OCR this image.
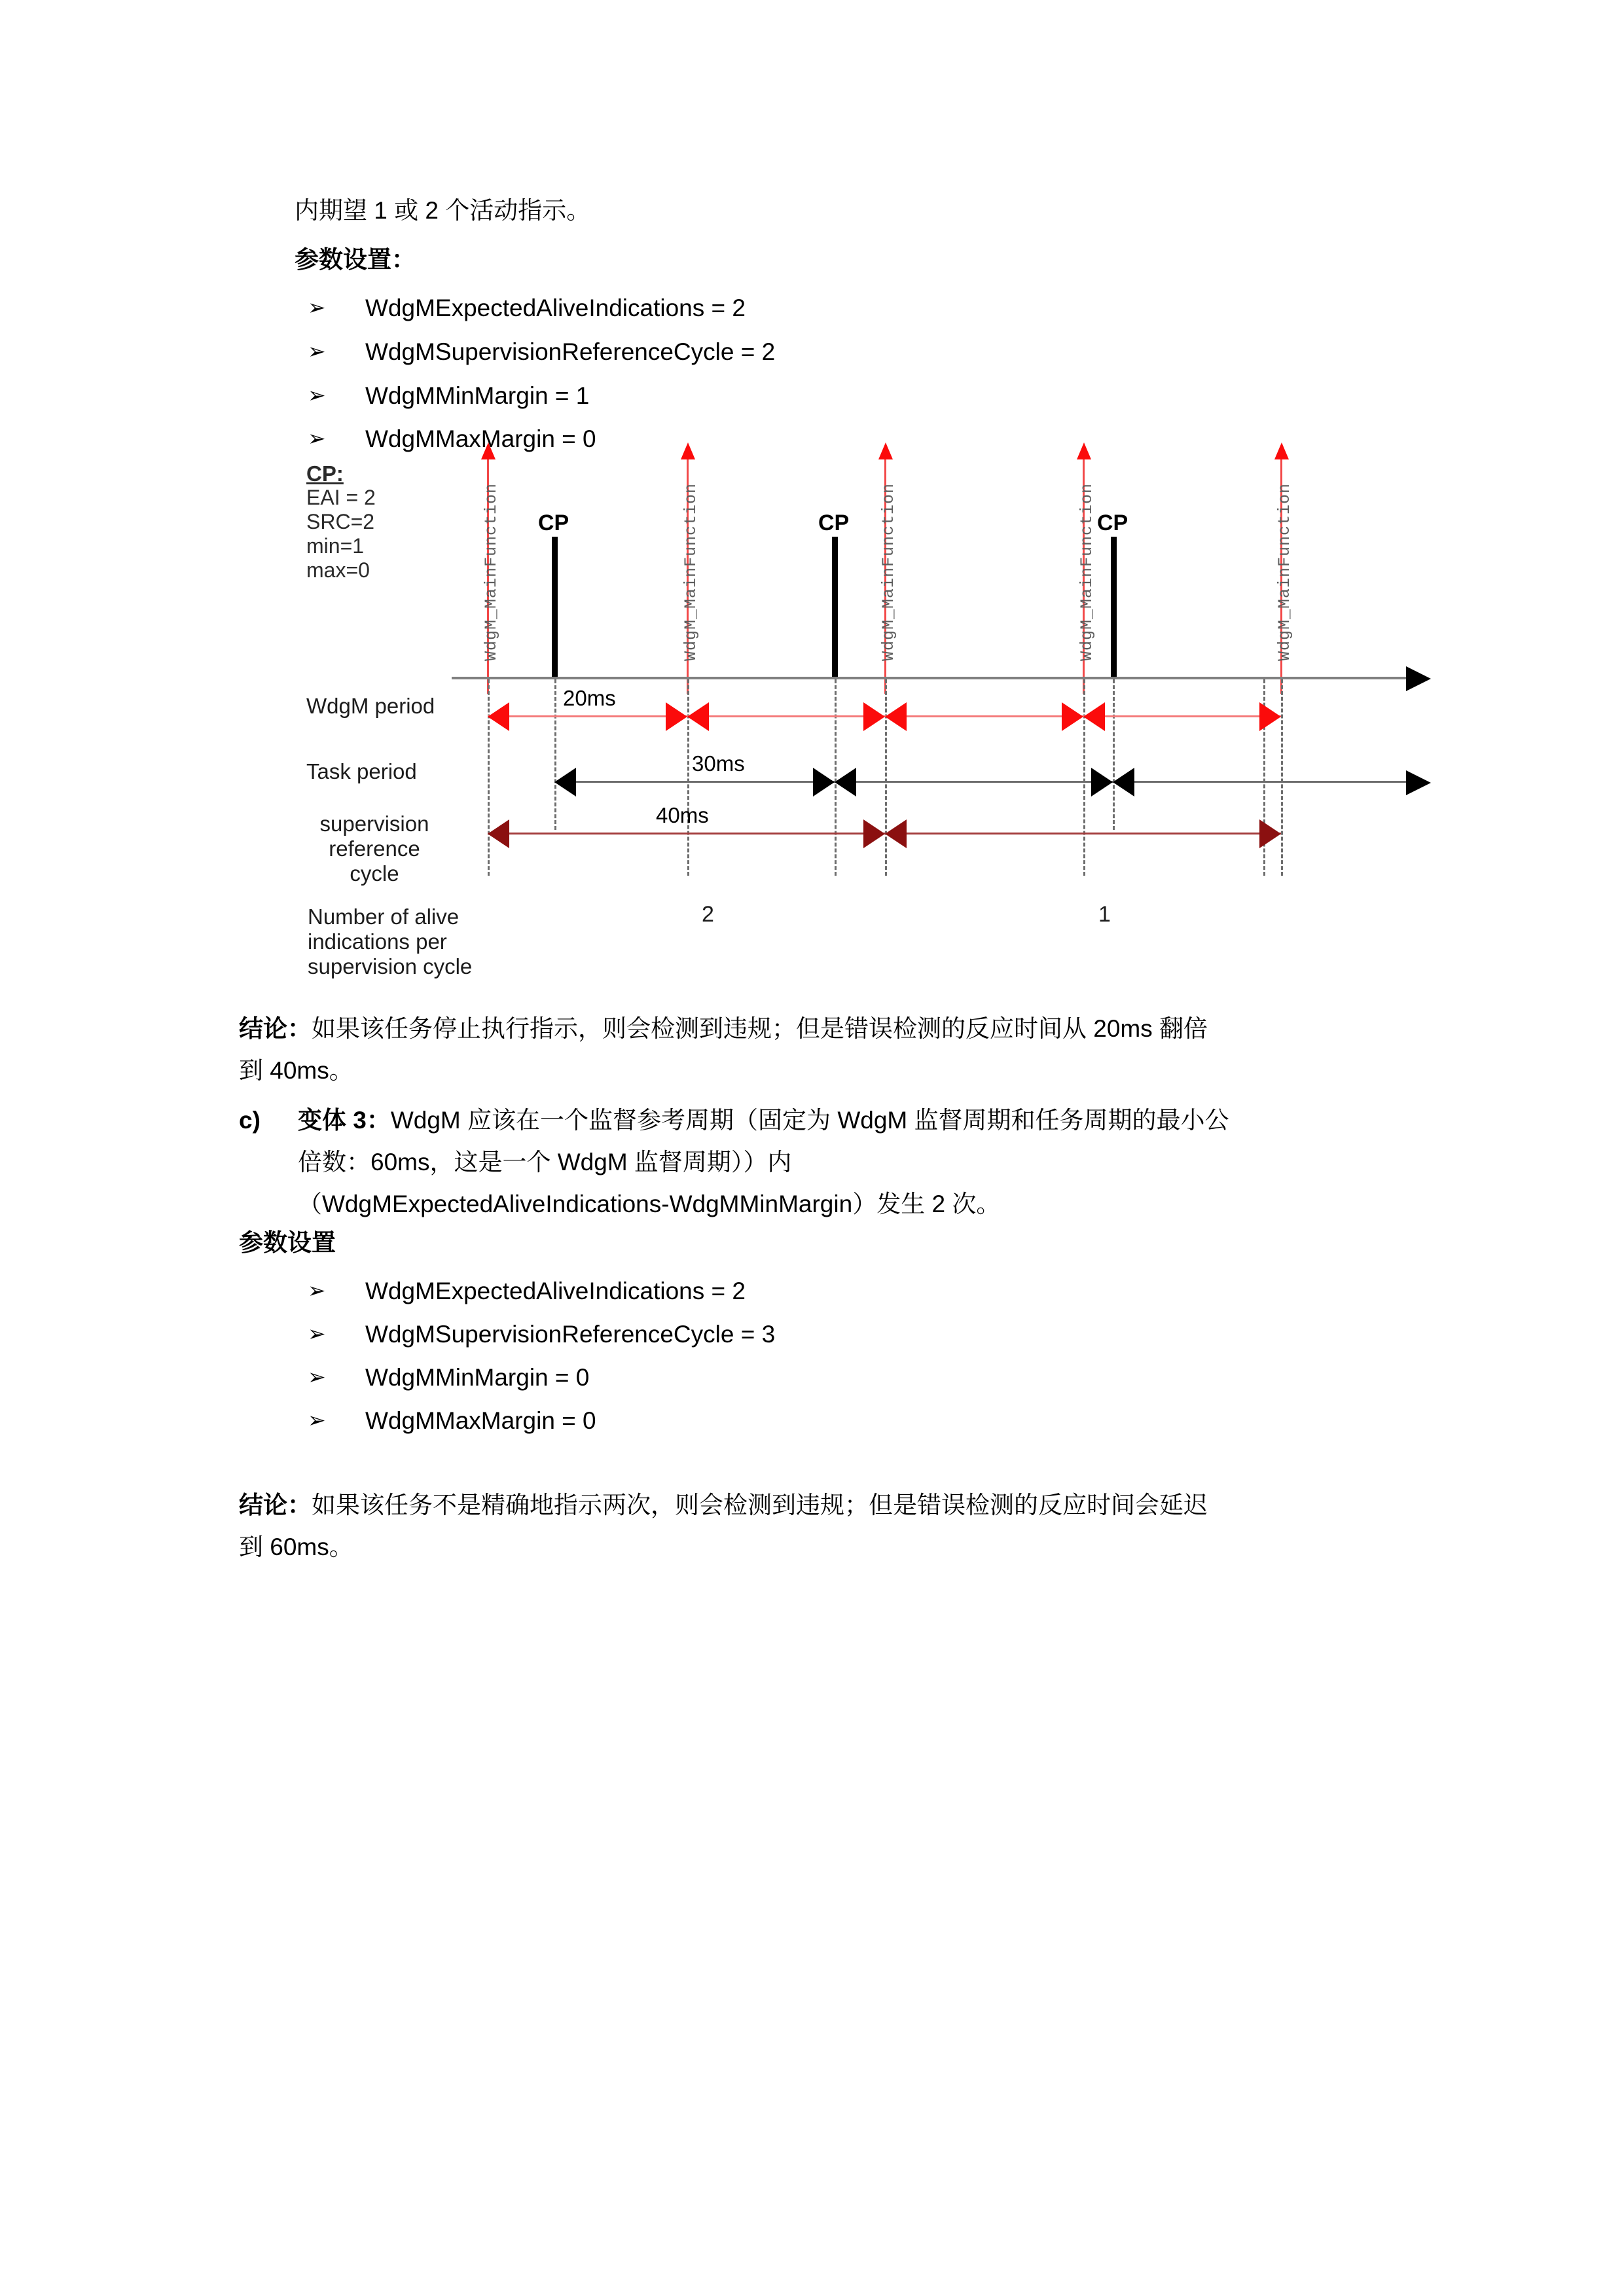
内期望 1 或 2 个活动指示。
参数设置：
➢ WdgMExpectedAliveIndications = 2
➢ WdgMSupervisionReferenceCycle = 2
➢ WdgMMinMargin = 1
➢ WdgMMaxMargin = 0
CP:
EAI = 2
SRC=2
min=1
max=0	WdgM_MainFunction	WdgM_MainFunction	WdgM_MainFunction	WdgM_MainFunction	WdgM_MainFunction
CP	CP	CP
WdgM period	20ms
Task period	30ms
supervision
reference
cycle
40ms
Number of alive
indications per
supervision cycle
2	1
结论：如果该任务停止执行指示，则会检测到违规；但是错误检测的反应时间从 20ms 翻倍
到 40ms。
c) 变体 3：WdgM 应该在一个监督参考周期（固定为 WdgM 监督周期和任务周期的最小公
倍数：60ms，这是一个 WdgM 监督周期））内
（WdgMExpectedAliveIndications-WdgMMinMargin）发生 2 次。
参数设置
➢ WdgMExpectedAliveIndications = 2
➢ WdgMSupervisionReferenceCycle = 3
➢ WdgMMinMargin = 0
➢ WdgMMaxMargin = 0
结论：如果该任务不是精确地指示两次，则会检测到违规；但是错误检测的反应时间会延迟
到 60ms。
